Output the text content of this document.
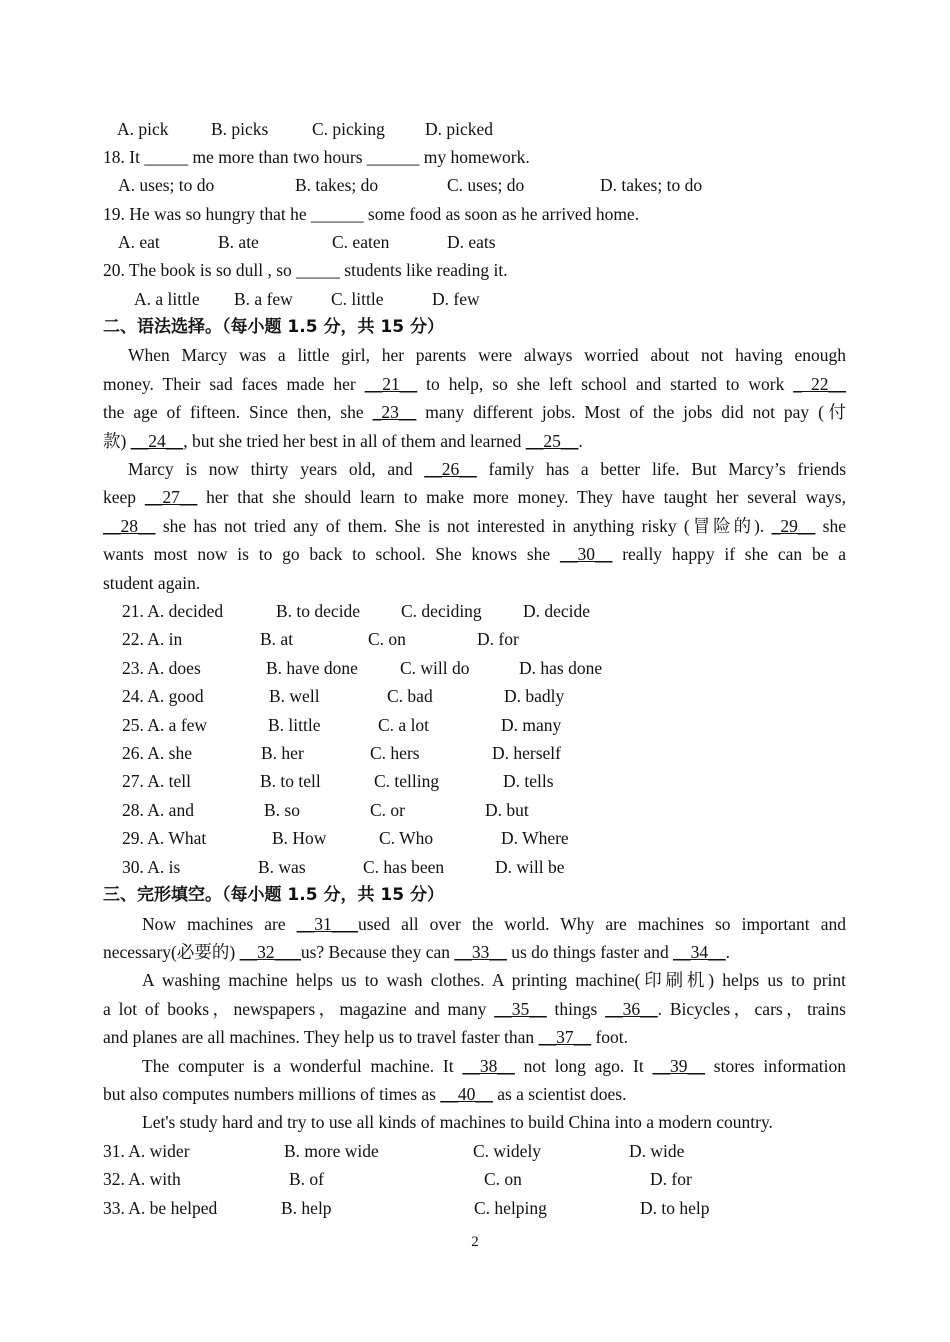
A. pick B. picks C. picking D. picked
18. It _____ me more than two hours ______ my homework.
A. uses; to do	B. takes; do	C. uses; do	D. takes; to do
19. He was so hungry that he ______ some food as soon as he arrived home.
A. eat	B. ate	C. eaten	D. eats
20. The book is so dull , so _____ students like reading it.
A. a little B. a few C. little	D. few
二、语法选择。（每小题 1.5 分，共 15 分）
When Marcy was a little girl, her parents were always worried about not having enough
money. Their sad faces made her __21__ to help, so she left school and started to work _ 22__
the age of fifteen. Since then, she _23__ many different jobs. Most of the jobs did not pay (付
款) __24__, but she tried her best in all of them and learned __25__.
Marcy is now thirty years old, and __26__ family has a better life. But Marcy’s friends
keep __27__ her that she should learn to make more money. They have taught her several ways,
__28__ she has not tried any of them. She is not interested in anything risky (冒险的). _29__ she
wants most now is to go back to school. She knows she __30__ really happy if she can be a
student again.
21. A. decided	B. to decide C. deciding D. decide
22. A. in	B. at	C. on	D. for
23. A. does	B. have done C. will do	D. has done
24. A. good	B. well	C. bad	D. badly
25. A. a few	B. little	C. a lot	D. many
26. A. she	B. her	C. hers	D. herself
27. A. tell	B. to tell	C. telling	D. tells
28. A. and	B. so	C. or	D. but
29. A. What	B. How	C. Who	D. Where
30. A. is	B. was	C. has been	D. will be
三、完形填空。（每小题 1.5 分，共 15 分）
Now machines are __31___used all over the world. Why are machines so important and
necessary(必要的) __32___us? Because they can __33__ us do things faster and __34__.
A washing machine helps us to wash clothes. A printing machine(印刷机) helps us to print
a lot of books，newspapers，magazine and many __35__ things __36__. Bicycles，cars，trains
and planes are all machines. They help us to travel faster than __37__ foot.
The computer is a wonderful machine. It __38__ not long ago. It __39__ stores information
but also computes numbers millions of times as __40__ as a scientist does.
Let's study hard and try to use all kinds of machines to build China into a modern country.
31. A. wider	B. more wide	C. widely	D. wide
32. A. with	B. of	C. on	D. for
33. A. be helped	B. help	C. helping	D. to help
2
